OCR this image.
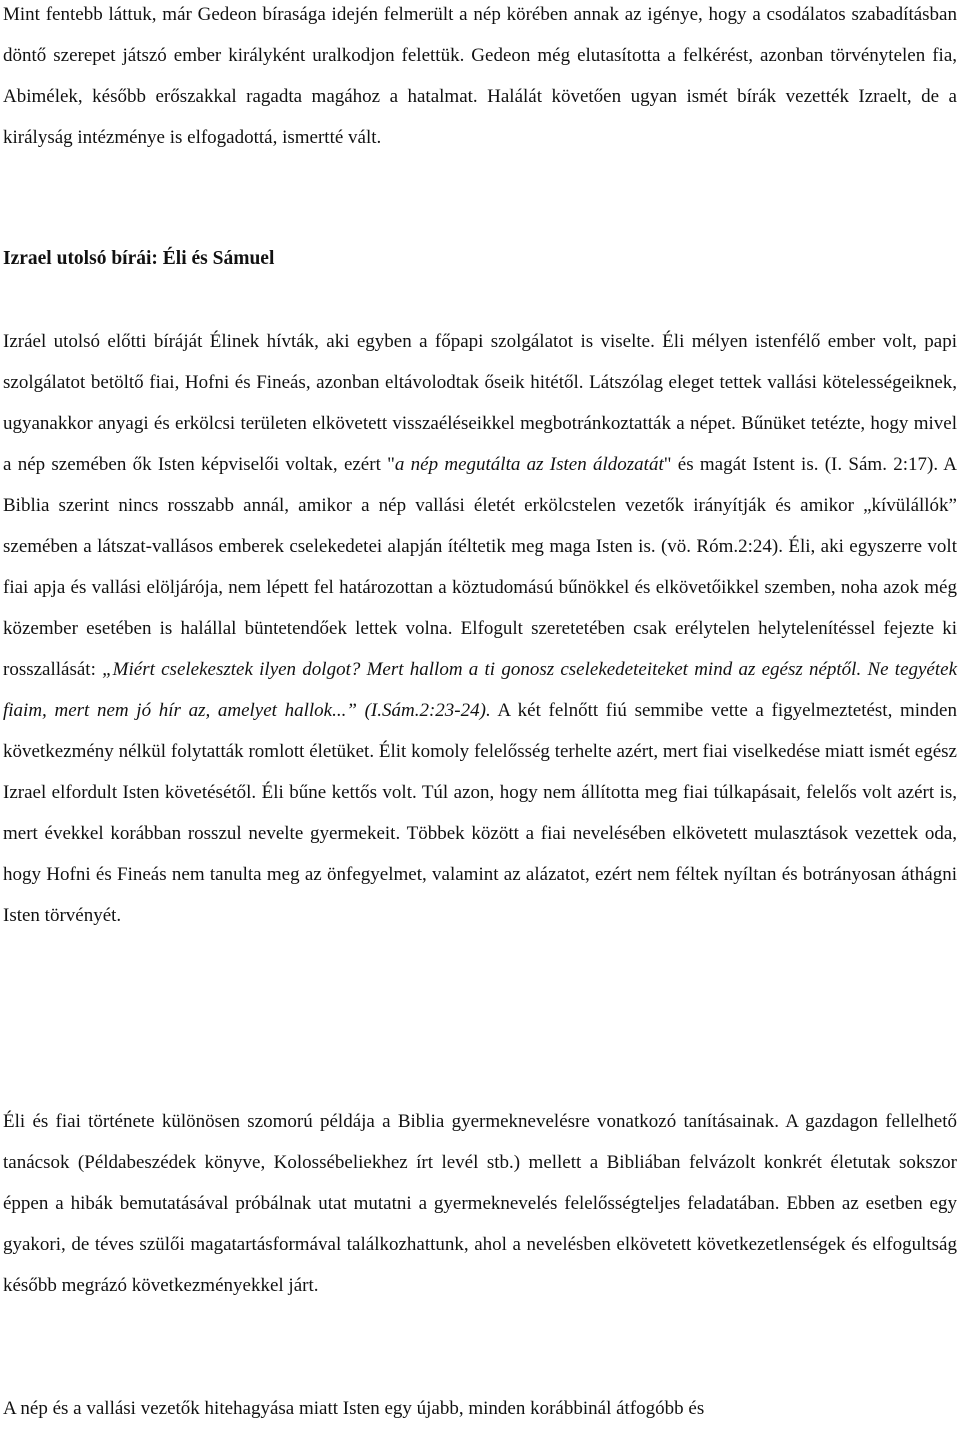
Mint fentebb láttuk, már Gedeon bírasága idején felmerült a nép körében annak az igénye, hogy a csodálatos szabadításban döntő szerepet játszó ember királyként uralkodjon felettük. Gedeon még elutasította a felkérést, azonban törvénytelen fia, Abimélek, később erőszakkal ragadta magához a hatalmat. Halálát követően ugyan ismét bírák vezették Izraelt, de a királyság intézménye is elfogadottá, ismertté vált.

Izrael utolsó bírái: Éli és Sámuel

Izráel utolsó előtti bíráját Élinek hívták, aki egyben a főpapi szolgálatot is viselte. Éli mélyen istenfélő ember volt, papi szolgálatot betöltő fiai, Hofni és Fineás, azonban eltávolodtak őseik hitétől. Látszólag eleget tettek vallási kötelességeiknek, ugyanakkor anyagi és erkölcsi területen elkövetett visszaéléseikkel megbotránkoztatták a népet. Bűnüket tetézte, hogy mivel a nép szemében ők Isten képviselői voltak, ezért "a nép megutálta az Isten áldozatát" és magát Istent is. (I. Sám. 2:17). A Biblia szerint nincs rosszabb annál, amikor a nép vallási életét erkölcstelen vezetők irányítják és amikor „kívülállók” szemében a látszat-vallásos emberek cselekedetei alapján ítéltetik meg maga Isten is. (vö. Róm.2:24). Éli, aki egyszerre volt fiai apja és vallási elöljárója, nem lépett fel határozottan a köztudomású bűnökkel és elkövetőikkel szemben, noha azok még közember esetében is halállal büntetendőek lettek volna. Elfogult szeretetében csak erélytelen helytelenítéssel fejezte ki rosszallását: „Miért cselekesztek ilyen dolgot? Mert hallom a ti gonosz cselekedeteiteket mind az egész néptől. Ne tegyétek fiaim, mert nem jó hír az, amelyet hallok...” (I.Sám.2:23-24). A két felnőtt fiú semmibe vette a figyelmeztetést, minden következmény nélkül folytatták romlott életüket. Élit komoly felelősség terhelte azért, mert fiai viselkedése miatt ismét egész Izrael elfordult Isten követésétől. Éli bűne kettős volt. Túl azon, hogy nem állította meg fiai túlkapásait, felelős volt azért is, mert évekkel korábban rosszul nevelte gyermekeit. Többek között a fiai nevelésében elkövetett mulasztások vezettek oda, hogy Hofni és Fineás nem tanulta meg az önfegyelmet, valamint az alázatot, ezért nem féltek nyíltan és botrányosan áthágni Isten törvényét.

Éli és fiai története különösen szomorú példája a Biblia gyermeknevelésre vonatkozó tanításainak. A gazdagon fellelhető tanácsok (Példabeszédek könyve, Kolossébeliekhez írt levél stb.) mellett a Bibliában felvázolt konkrét életutak sokszor éppen a hibák bemutatásával próbálnak utat mutatni a gyermeknevelés felelősségteljes feladatában. Ebben az esetben egy gyakori, de téves szülői magatartásformával találkozhattunk, ahol a nevelésben elkövetett következetlenségek és elfogultság később megrázó következményekkel járt.

A nép és a vallási vezetők hitehagyása miatt Isten egy újabb, minden korábbinál átfogóbb és
